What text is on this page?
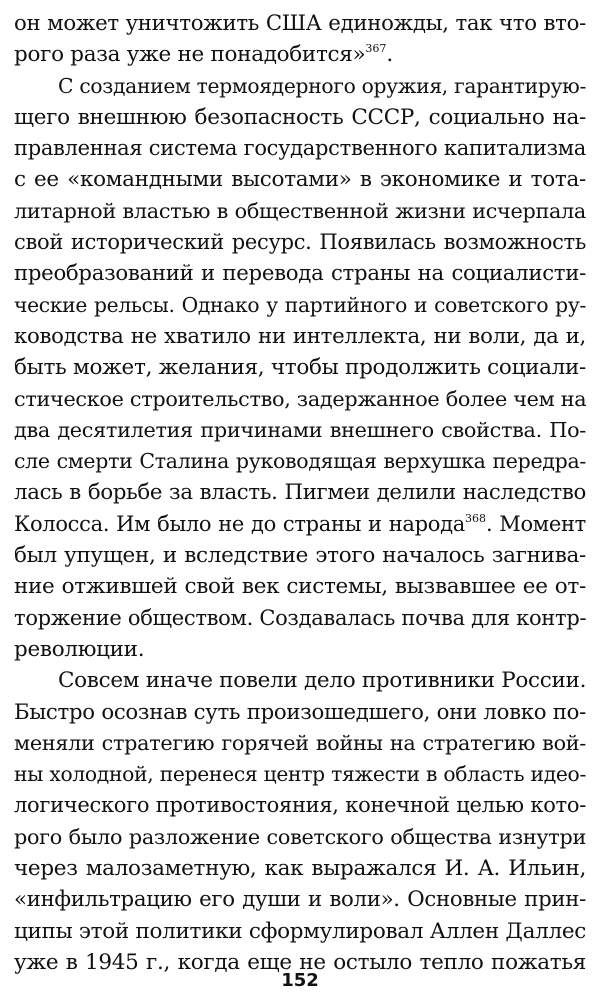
он может уничтожить США единожды, так что вто-
рого раза уже не понадобится»$^{367}$.
С созданием термоядерного оружия, гарантирую-
щего внешнюю безопасность СССР, социально на-
правленная система государственного капитализма
с ее «командными высотами» в экономике и тота-
литарной властью в общественной жизни исчерпала
свой исторический ресурс. Появилась возможность
преобразований и перевода страны на социалисти-
ческие рельсы. Однако у партийного и советского ру-
ководства не хватило ни интеллекта, ни воли, да и,
быть может, желания, чтобы продолжить социали-
стическое строительство, задержанное более чем на
два десятилетия причинами внешнего свойства. По-
сле смерти Сталина руководящая верхушка передра-
лась в борьбе за власть. Пигмеи делили наследство
Колосса. Им было не до страны и народа$^{368}$. Момент
был упущен, и вследствие этого началось загнива-
ние отжившей свой век системы, вызвавшее ее от-
торжение обществом. Создавалась почва для контр-
революции.
Совсем иначе повели дело противники России.
Быстро осознав суть произошедшего, они ловко по-
меняли стратегию горячей войны на стратегию вой-
ны холодной, перенеся центр тяжести в область идео-
логического противостояния, конечной целью кото-
рого было разложение советского общества изнутри
через малозаметную, как выражался И. А. Ильин,
«инфильтрацию его души и воли». Основные прин-
ципы этой политики сформулировал Аллен Даллес
уже в 1945 г., когда еще не остыло тепло пожатья
152
